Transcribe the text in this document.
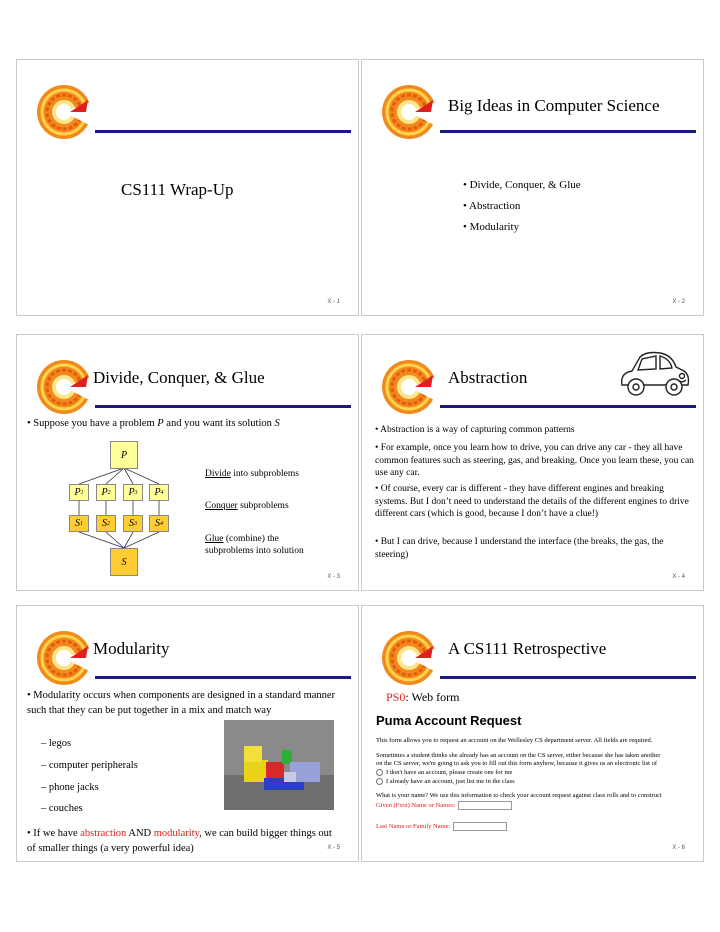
CS111 Wrap-Up
X - 1
Big Ideas in Computer Science
• Divide, Conquer, & Glue
• Abstraction
• Modularity
X - 2
Divide, Conquer, & Glue
• Suppose you have a problem P and you want its solution S
P
P 1 P 2 P 3 P 4
S 1 S 2 S 3 S 4
S
Divide into subproblems
Conquer subproblems
Glue (combine) the
subproblems into solution
X - 3
Abstraction
• Abstraction is a way of capturing common patterns
• For example, once you learn how to drive, you can drive any car - they all have common features such as steering, gas, and breaking. Once you learn these, you can use any car.
• Of course, every car is different - they have different engines and breaking systems. But I don’t need to understand the details of the different engines to drive different cars (which is good, because I don’t have a clue!)
• But I can drive, because I understand the interface (the breaks, the gas, the steering)
X - 4
Modularity
• Modularity occurs when components are designed in a standard manner such that they can be put together in a mix and match way
– legos
– computer peripherals
– phone jacks
– couches
• If we have abstraction AND modularity, we can build bigger things out of smaller things (a very powerful idea)	X - 5
A CS111 Retrospective
PS0: Web form
Puma Account Request
This form allows you to request an account on the Wellesley CS department server. All fields are required.
Sometimes a student thinks she already has an account on the CS server, either because she has taken another
on the CS server, we're going to ask you to fill out this form anyhow, because it gives us an electronic list of
I don't have an account, please create one for me
I already have an account, just list me in the class
What is your name? We use this information to check your account request against class rolls and to construct
Given (First) Name or Names:
Last Name or Family Name:
X - 6
